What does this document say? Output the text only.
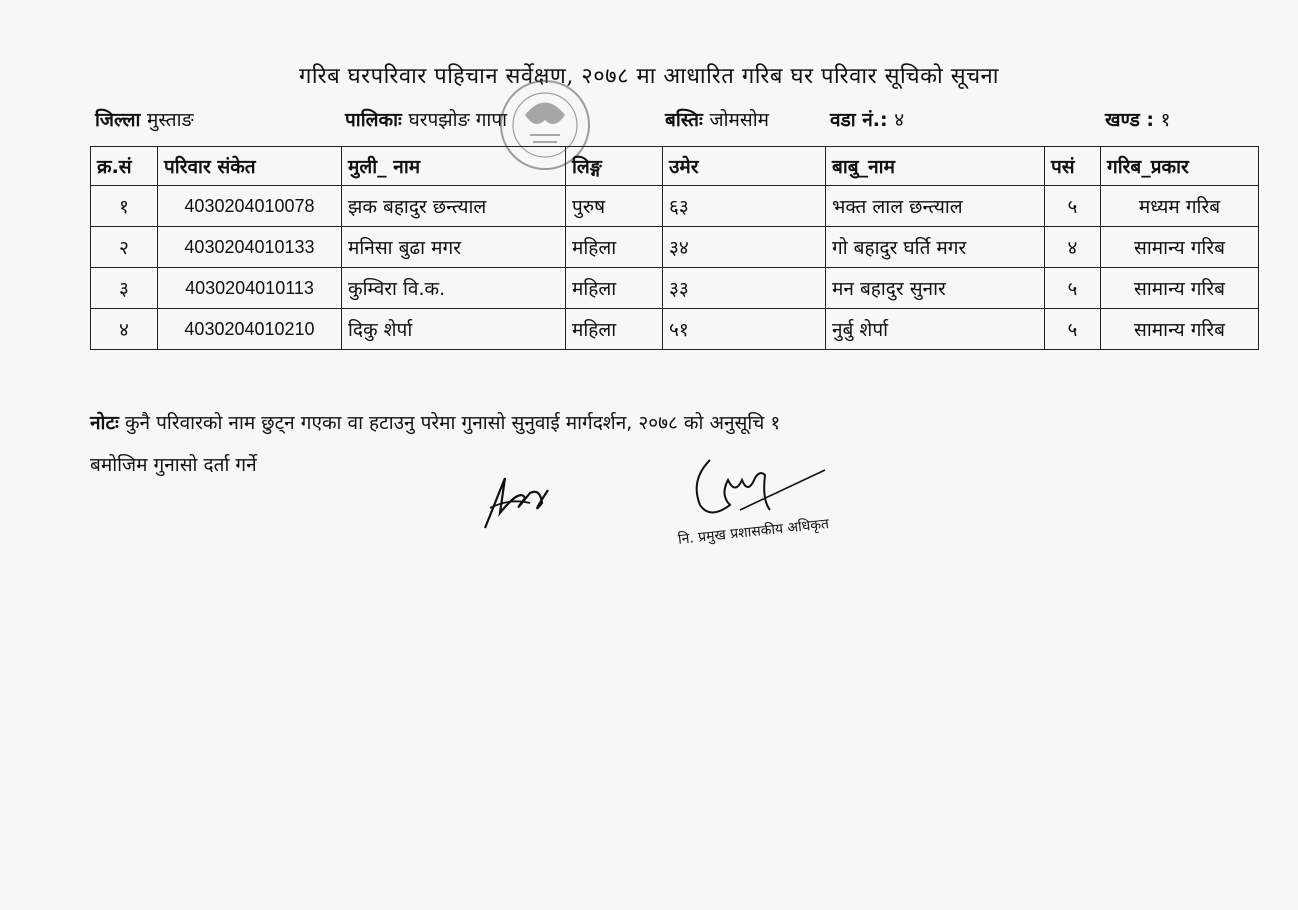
गरिब घरपरिवार पहिचान सर्वेक्षण, २०७८ मा आधारित गरिब घर परिवार सूचिको सूचना
जिल्ला मुस्ताङ	पालिकाः घरपझोङ गापा	बस्तिः जोमसोम	वडा नं.: ४	खण्ड : १
क्र.सं	परिवार संकेत	मुली_ नाम	लिङ्ग	उमेर	बाबु_नाम	पसं	गरिब_प्रकार
१	4030204010078	झक बहादुर छन्त्याल	पुरुष	६३	भक्त लाल छन्त्याल	५	मध्यम गरिब
२	4030204010133	मनिसा बुढा मगर	महिला	३४	गो बहादुर घर्ति मगर	४	सामान्य गरिब
३	4030204010113	कुम्विरा वि.क.	महिला	३३	मन बहादुर सुनार	५	सामान्य गरिब
४	4030204010210	दिकु शेर्पा	महिला	५१	नुर्बु शेर्पा	५	सामान्य गरिब
नोटः कुनै परिवारको नाम छुट्न गएका वा हटाउनु परेमा गुनासो सुनुवाई मार्गदर्शन, २०७८ को अनुसूचि १
बमोजिम गुनासो दर्ता गर्ने
नि. प्रमुख प्रशासकीय अधिकृत
